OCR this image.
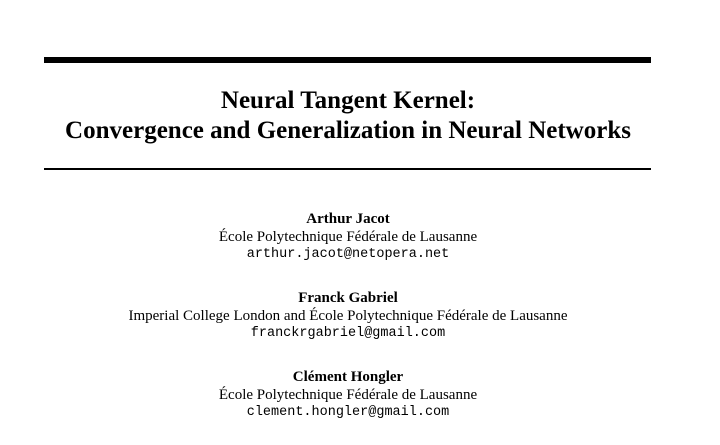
Neural Tangent Kernel:
Convergence and Generalization in Neural Networks
Arthur Jacot
École Polytechnique Fédérale de Lausanne
arthur.jacot@netopera.net
Franck Gabriel
Imperial College London and École Polytechnique Fédérale de Lausanne
franckrgabriel@gmail.com
Clément Hongler
École Polytechnique Fédérale de Lausanne
clement.hongler@gmail.com
